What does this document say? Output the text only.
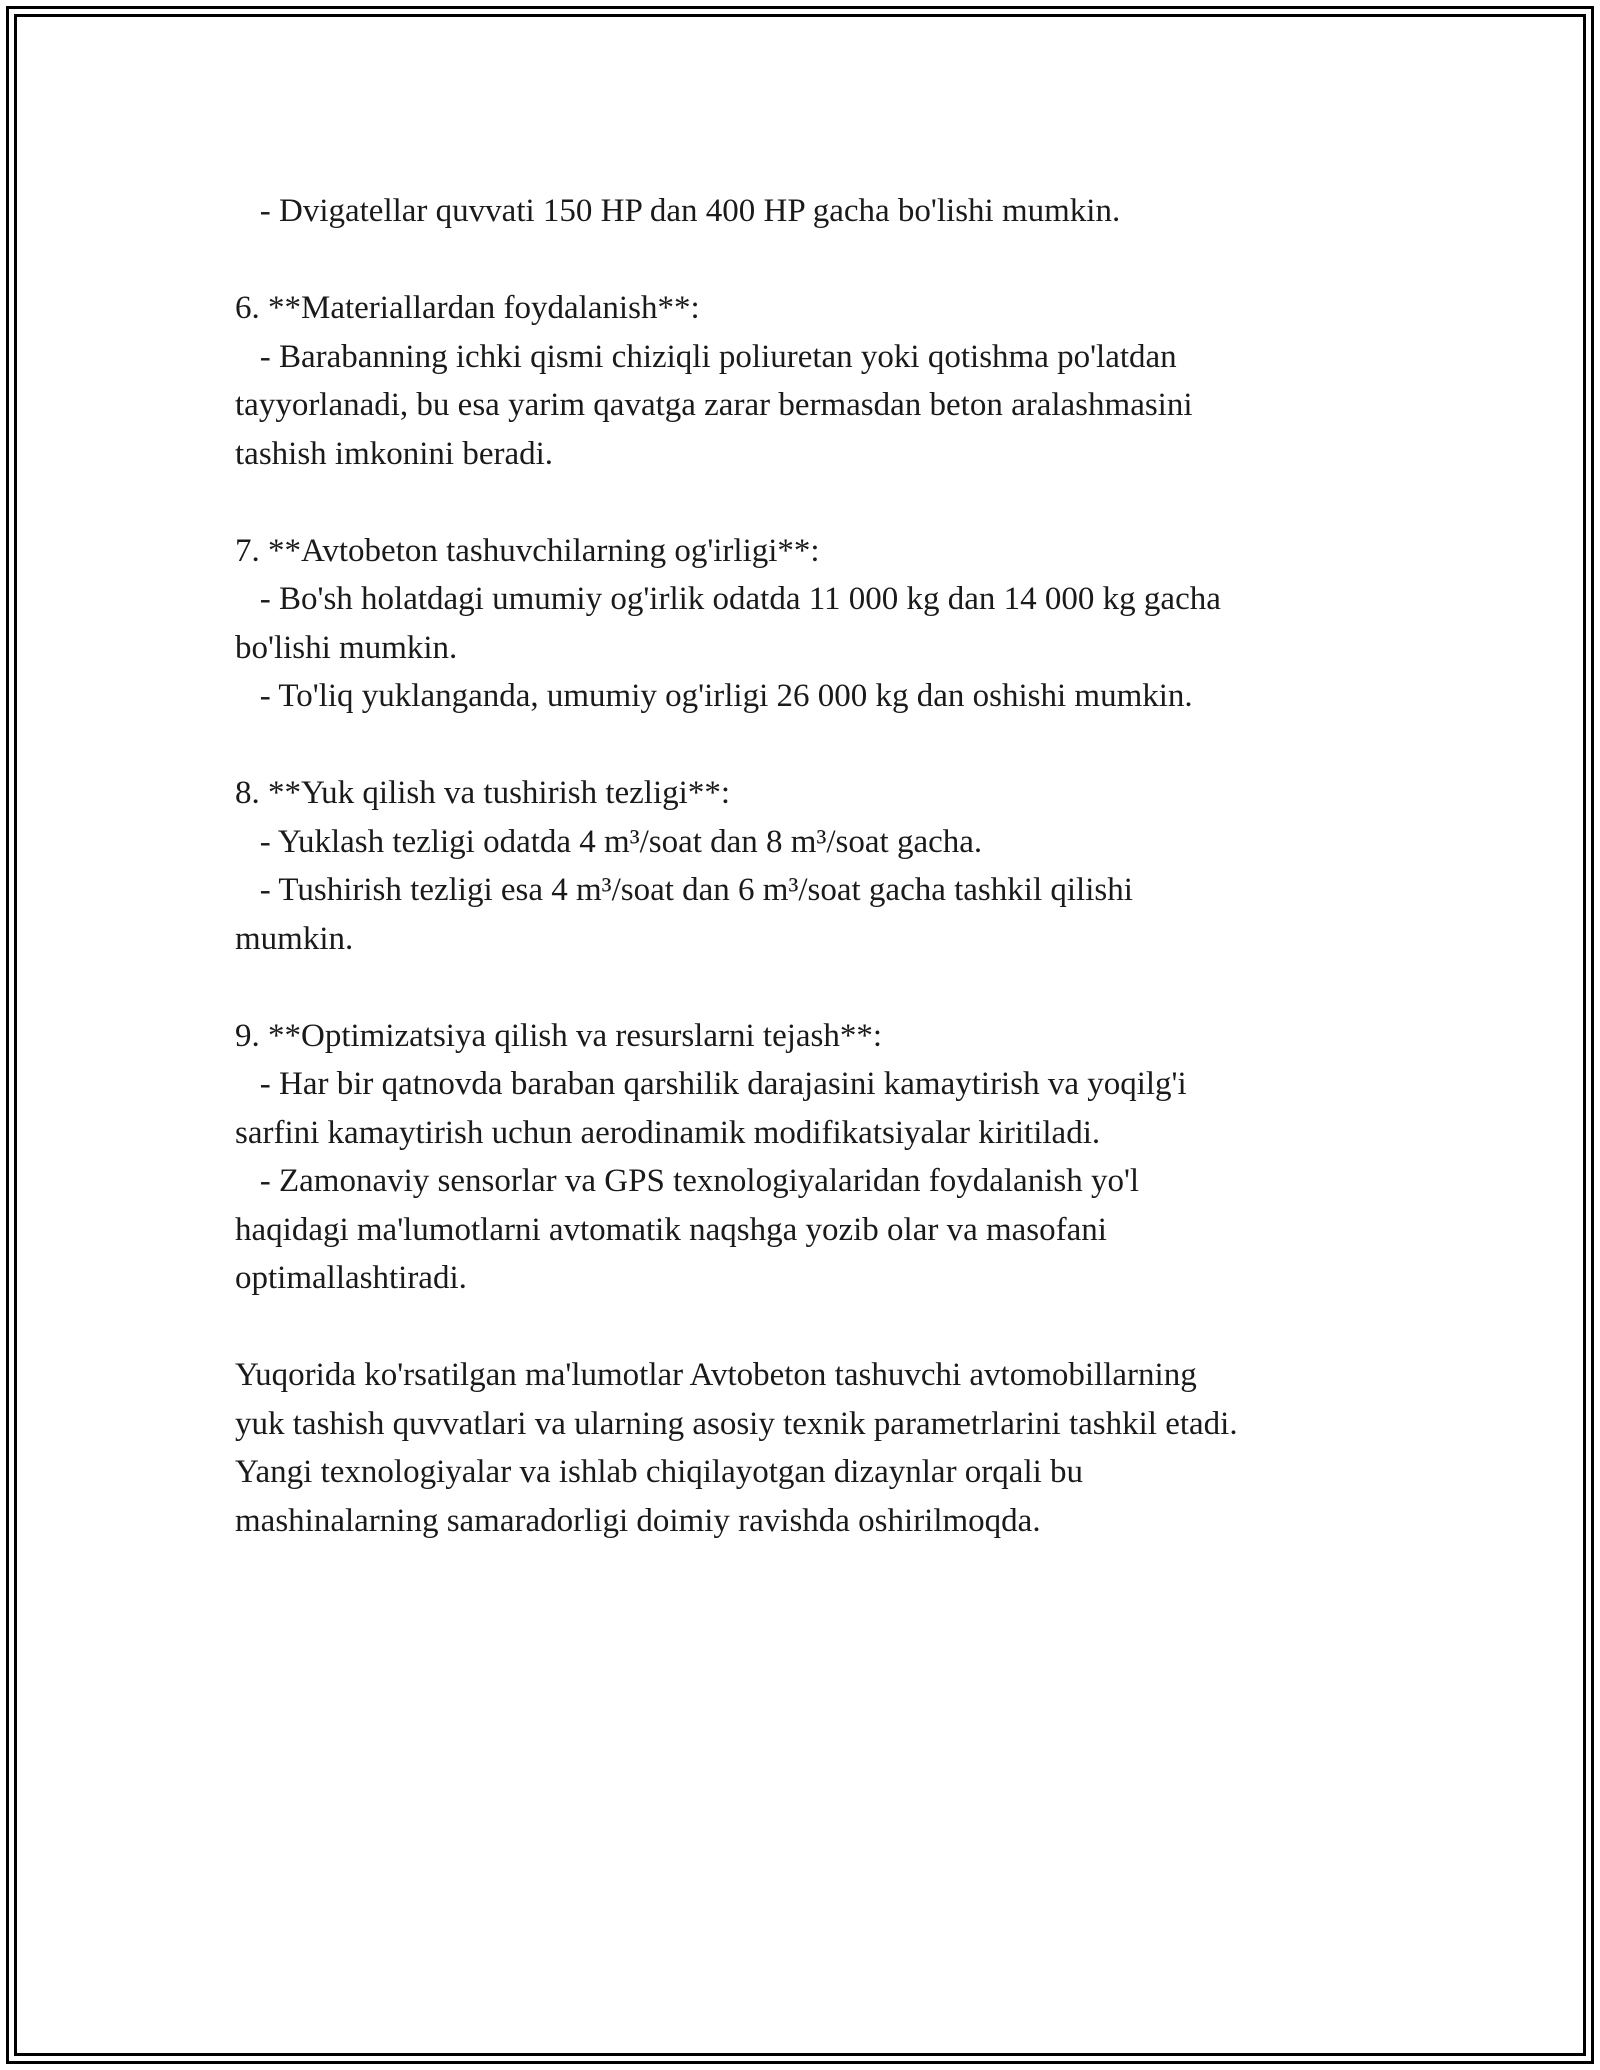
- Dvigatellar quvvati 150 HP dan 400 HP gacha bo'lishi mumkin.
6. **Materiallardan foydalanish**:
- Barabanning ichki qismi chiziqli poliuretan yoki qotishma po'latdan
tayyorlanadi, bu esa yarim qavatga zarar bermasdan beton aralashmasini
tashish imkonini beradi.
7. **Avtobeton tashuvchilarning og'irligi**:
- Bo'sh holatdagi umumiy og'irlik odatda 11 000 kg dan 14 000 kg gacha
bo'lishi mumkin.
- To'liq yuklanganda, umumiy og'irligi 26 000 kg dan oshishi mumkin.
8. **Yuk qilish va tushirish tezligi**:
- Yuklash tezligi odatda 4 m³/soat dan 8 m³/soat gacha.
- Tushirish tezligi esa 4 m³/soat dan 6 m³/soat gacha tashkil qilishi
mumkin.
9. **Optimizatsiya qilish va resurslarni tejash**:
- Har bir qatnovda baraban qarshilik darajasini kamaytirish va yoqilg'i
sarfini kamaytirish uchun aerodinamik modifikatsiyalar kiritiladi.
- Zamonaviy sensorlar va GPS texnologiyalaridan foydalanish yo'l
haqidagi ma'lumotlarni avtomatik naqshga yozib olar va masofani
optimallashtiradi.
Yuqorida ko'rsatilgan ma'lumotlar Avtobeton tashuvchi avtomobillarning
yuk tashish quvvatlari va ularning asosiy texnik parametrlarini tashkil etadi.
Yangi texnologiyalar va ishlab chiqilayotgan dizaynlar orqali bu
mashinalarning samaradorligi doimiy ravishda oshirilmoqda.
